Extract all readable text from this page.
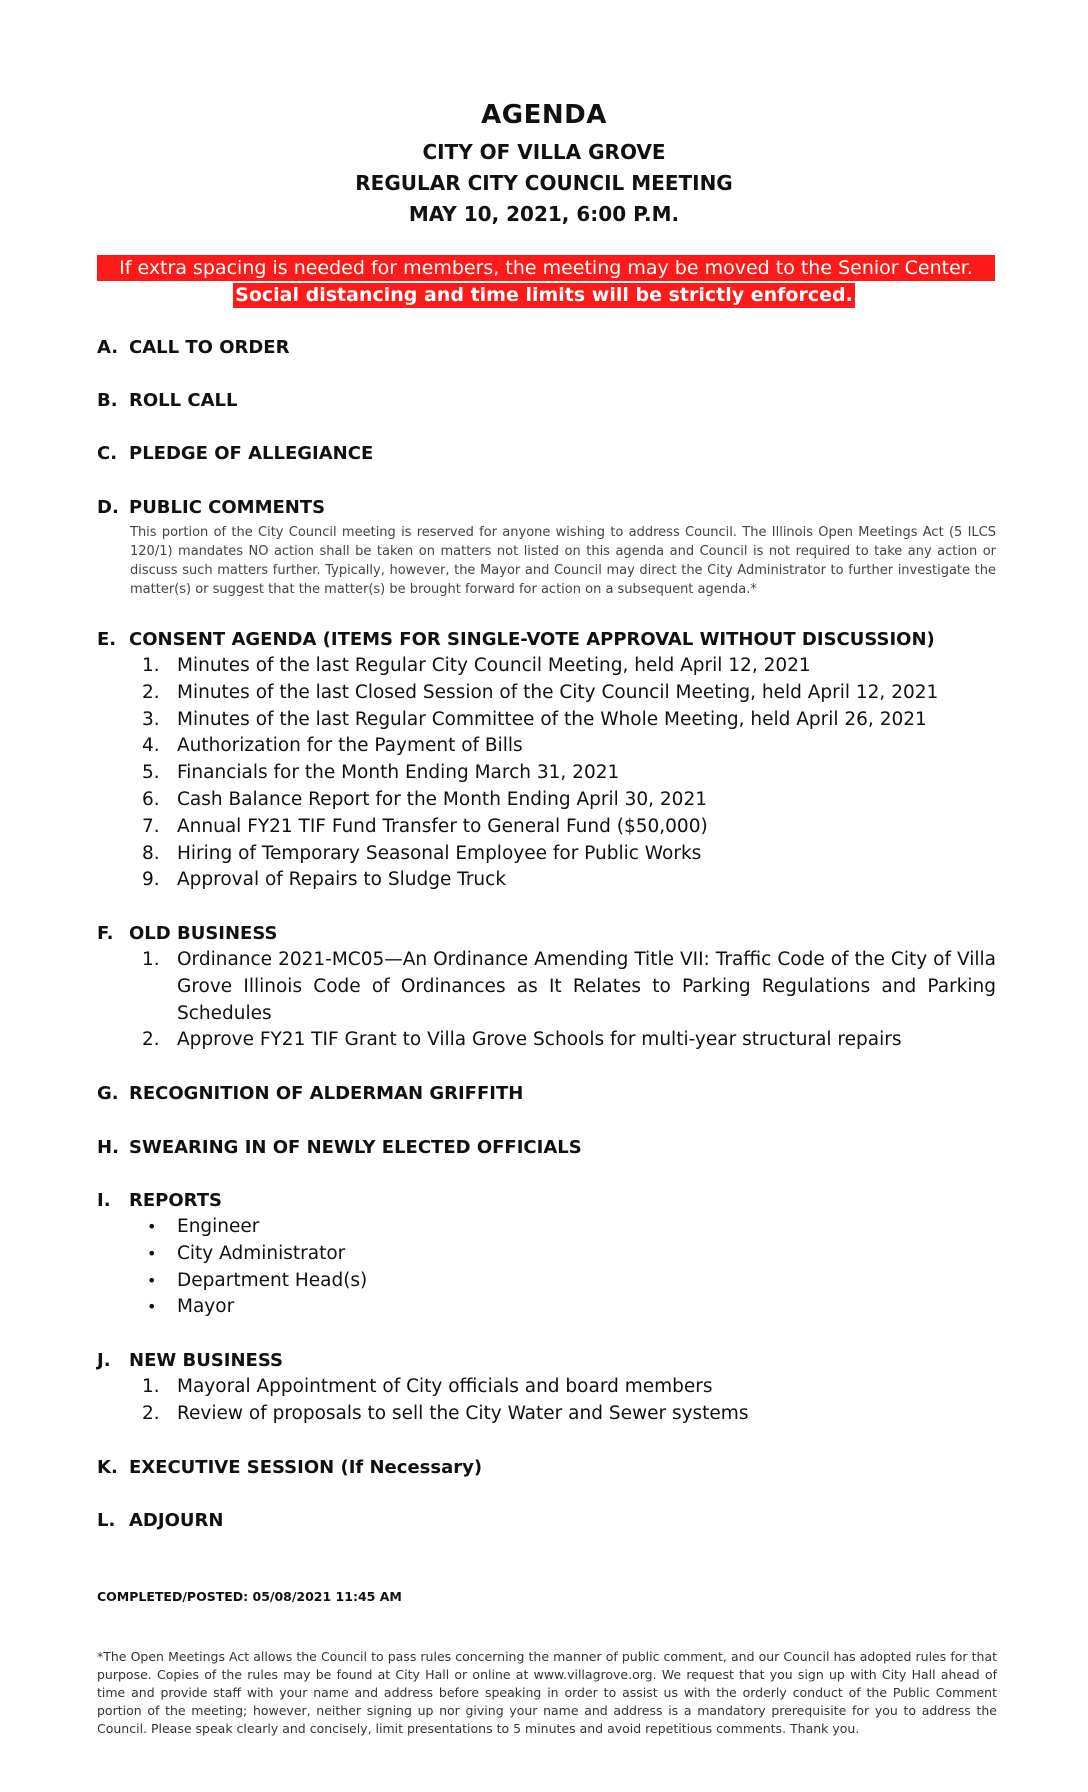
AGENDA
CITY OF VILLA GROVE
REGULAR CITY COUNCIL MEETING
MAY 10, 2021, 6:00 P.M.
If extra spacing is needed for members, the meeting may be moved to the Senior Center.
Social distancing and time limits will be strictly enforced.
A. CALL TO ORDER
B. ROLL CALL
C. PLEDGE OF ALLEGIANCE
D. PUBLIC COMMENTS

This portion of the City Council meeting is reserved for anyone wishing to address Council. The Illinois Open Meetings Act (5 ILCS 120/1) mandates NO action shall be taken on matters not listed on this agenda and Council is not required to take any action or discuss such matters further. Typically, however, the Mayor and Council may direct the City Administrator to further investigate the matter(s) or suggest that the matter(s) be brought forward for action on a subsequent agenda.*

E. CONSENT AGENDA (ITEMS FOR SINGLE-VOTE APPROVAL WITHOUT DISCUSSION)
1. Minutes of the last Regular City Council Meeting, held April 12, 2021
2. Minutes of the last Closed Session of the City Council Meeting, held April 12, 2021
3. Minutes of the last Regular Committee of the Whole Meeting, held April 26, 2021
4. Authorization for the Payment of Bills
5. Financials for the Month Ending March 31, 2021
6. Cash Balance Report for the Month Ending April 30, 2021
7. Annual FY21 TIF Fund Transfer to General Fund ($50,000)
8. Hiring of Temporary Seasonal Employee for Public Works
9. Approval of Repairs to Sludge Truck
F. OLD BUSINESS
1. Ordinance 2021-MC05—An Ordinance Amending Title VII: Traffic Code of the City of Villa Grove Illinois Code of Ordinances as It Relates to Parking Regulations and Parking Schedules
2. Approve FY21 TIF Grant to Villa Grove Schools for multi-year structural repairs
G. RECOGNITION OF ALDERMAN GRIFFITH
H. SWEARING IN OF NEWLY ELECTED OFFICIALS
I. REPORTS
• Engineer
• City Administrator
• Department Head(s)
• Mayor
J. NEW BUSINESS
1. Mayoral Appointment of City officials and board members
2. Review of proposals to sell the City Water and Sewer systems
K. EXECUTIVE SESSION (If Necessary)
L. ADJOURN
COMPLETED/POSTED: 05/08/2021 11:45 AM

*The Open Meetings Act allows the Council to pass rules concerning the manner of public comment, and our Council has adopted rules for that purpose. Copies of the rules may be found at City Hall or online at www.villagrove.org. We request that you sign up with City Hall ahead of time and provide staff with your name and address before speaking in order to assist us with the orderly conduct of the Public Comment portion of the meeting; however, neither signing up nor giving your name and address is a mandatory prerequisite for you to address the Council. Please speak clearly and concisely, limit presentations to 5 minutes and avoid repetitious comments. Thank you.
